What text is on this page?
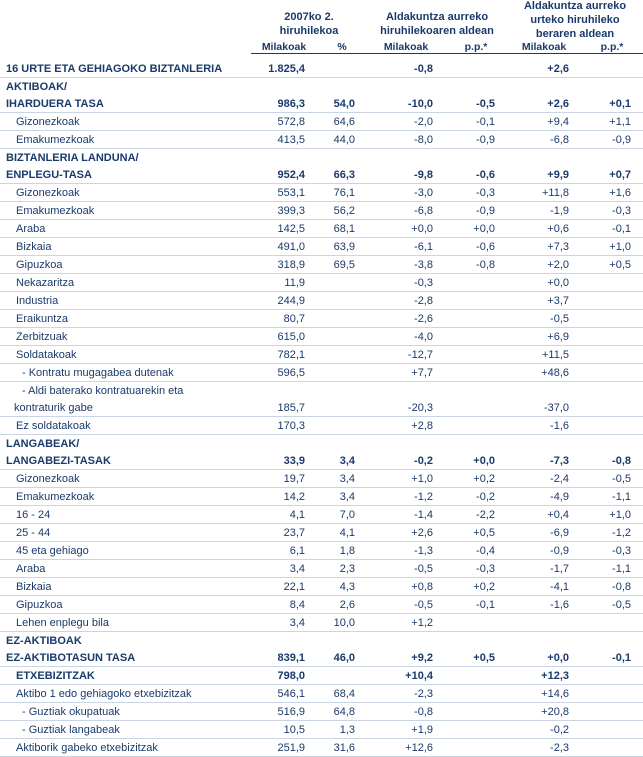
2007ko 2.
hiruhilekoa

Aldakuntza aurreko
hiruhilekoaren aldean

Aldakuntza aurreko
urteko hiruhileko
beraren aldean

	Milakoak	%	Milakoak	p.p.*	Milakoak	p.p.*

16 URTE ETA GEHIAGOKO BIZTANLERIA	1.825,4		-0,8		+2,6	
AKTIBOAK/						
IHARDUERA TASA	986,3	54,0	-10,0	-0,5	+2,6	+0,1
Gizonezkoak	572,8	64,6	-2,0	-0,1	+9,4	+1,1
Emakumezkoak	413,5	44,0	-8,0	-0,9	-6,8	-0,9
BIZTANLERIA LANDUNA/						
ENPLEGU-TASA	952,4	66,3	-9,8	-0,6	+9,9	+0,7
Gizonezkoak	553,1	76,1	-3,0	-0,3	+11,8	+1,6
Emakumezkoak	399,3	56,2	-6,8	-0,9	-1,9	-0,3
Araba	142,5	68,1	+0,0	+0,0	+0,6	-0,1
Bizkaia	491,0	63,9	-6,1	-0,6	+7,3	+1,0
Gipuzkoa	318,9	69,5	-3,8	-0,8	+2,0	+0,5
Nekazaritza	11,9		-0,3		+0,0	
Industria	244,9		-2,8		+3,7	
Eraikuntza	80,7		-2,6		-0,5	
Zerbitzuak	615,0		-4,0		+6,9	
Soldatakoak	782,1		-12,7		+11,5	
- Kontratu mugagabea dutenak	596,5		+7,7		+48,6	
- Aldi baterako kontratuarekin eta						
kontraturik gabe	185,7		-20,3		-37,0	
Ez soldatakoak	170,3		+2,8		-1,6	
LANGABEAK/						
LANGABEZI-TASAK	33,9	3,4	-0,2	+0,0	-7,3	-0,8
Gizonezkoak	19,7	3,4	+1,0	+0,2	-2,4	-0,5
Emakumezkoak	14,2	3,4	-1,2	-0,2	-4,9	-1,1
16 - 24	4,1	7,0	-1,4	-2,2	+0,4	+1,0
25 - 44	23,7	4,1	+2,6	+0,5	-6,9	-1,2
45 eta gehiago	6,1	1,8	-1,3	-0,4	-0,9	-0,3
Araba	3,4	2,3	-0,5	-0,3	-1,7	-1,1
Bizkaia	22,1	4,3	+0,8	+0,2	-4,1	-0,8
Gipuzkoa	8,4	2,6	-0,5	-0,1	-1,6	-0,5
Lehen enplegu bila	3,4	10,0	+1,2			
EZ-AKTIBOAK						
EZ-AKTIBOTASUN TASA	839,1	46,0	+9,2	+0,5	+0,0	-0,1
ETXEBIZITZAK	798,0		+10,4		+12,3	
Aktibo 1 edo gehiagoko etxebizitzak	546,1	68,4	-2,3		+14,6	
- Guztiak okupatuak	516,9	64,8	-0,8		+20,8	
- Guztiak langabeak	10,5	1,3	+1,9		-0,2	
Aktiborik gabeko etxebizitzak	251,9	31,6	+12,6		-2,3	
